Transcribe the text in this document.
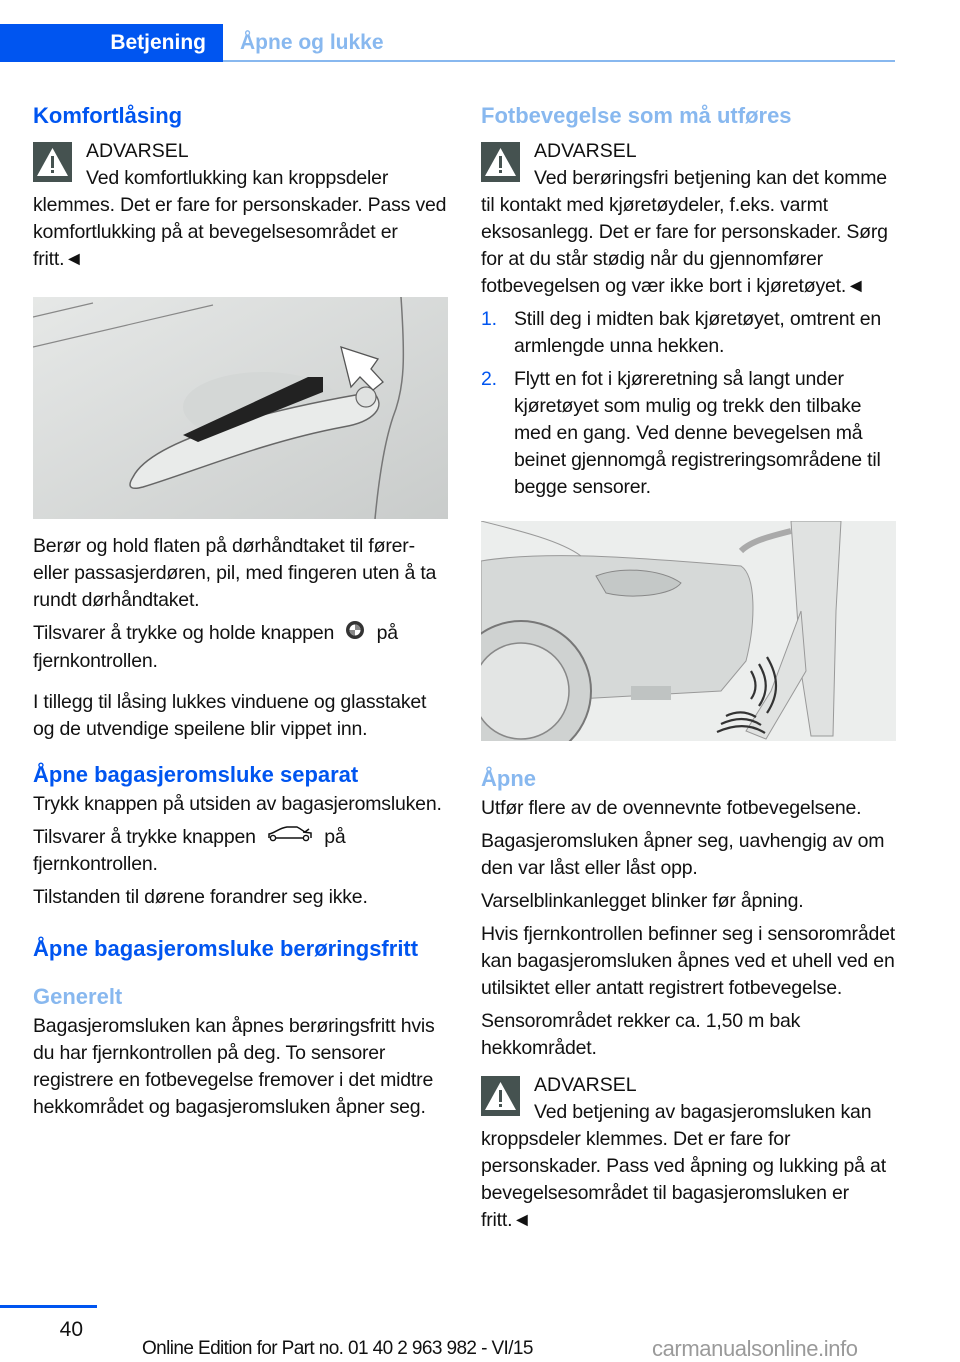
Betjening	Åpne og lukke
Komfortlåsing
ADVARSEL

Ved komfortlukking kan kroppsdeler klemmes. Det er fare for personskader. Pass ved komfortlukking på at bevegelsesområdet er fritt.◄

Berør og hold flaten på dørhåndtaket til fører- eller passasjerdøren, pil, med fingeren uten å ta rundt dørhåndtaket.

Tilsvarer å trykke og holde knappen på fjernkontrollen.

I tillegg til låsing lukkes vinduene og glasstaket og de utvendige speilene blir vippet inn.

Åpne bagasjeromsluke separat

Trykk knappen på utsiden av bagasjeromsluken.

Tilsvarer å trykke knappen	på fjernkontrollen.

Tilstanden til dørene forandrer seg ikke.

Åpne bagasjeromsluke berøringsfritt
Generelt

Bagasjeromsluken kan åpnes berøringsfritt hvis du har fjernkontrollen på deg. To sensorer registrere en fotbevegelse fremover i det midtre hekkområdet og bagasjeromsluken åpner seg.

Fotbevegelse som må utføres
ADVARSEL

Ved berøringsfri betjening kan det komme til kontakt med kjøretøydeler, f.eks. varmt eksosanlegg. Det er fare for personskader. Sørg for at du står stødig når du gjennomfører fotbevegelsen og vær ikke bort i kjøretøyet.◄

1. Still deg i midten bak kjøretøyet, omtrent en armlengde unna hekken.
2. Flytt en fot i kjøreretning så langt under kjøretøyet som mulig og trekk den tilbake med en gang. Ved denne bevegelsen må beinet gjennomgå registreringsområdene til begge sensorer.
Åpne

Utfør flere av de ovennevnte fotbevegelsene.

Bagasjeromsluken åpner seg, uavhengig av om den var låst eller låst opp.

Varselblinkanlegget blinker før åpning.

Hvis fjernkontrollen befinner seg i sensorområdet kan bagasjeromsluken åpnes ved et uhell ved en utilsiktet eller antatt registrert fotbevegelse.

Sensorområdet rekker ca. 1,50 m bak hekkområdet.

ADVARSEL

Ved betjening av bagasjeromsluken kan kroppsdeler klemmes. Det er fare for personskader. Pass ved åpning og lukking på at bevegelsesområdet til bagasjeromsluken er fritt.◄

40
Online Edition for Part no. 01 40 2 963 982 - VI/15	carmanualsonline.info
